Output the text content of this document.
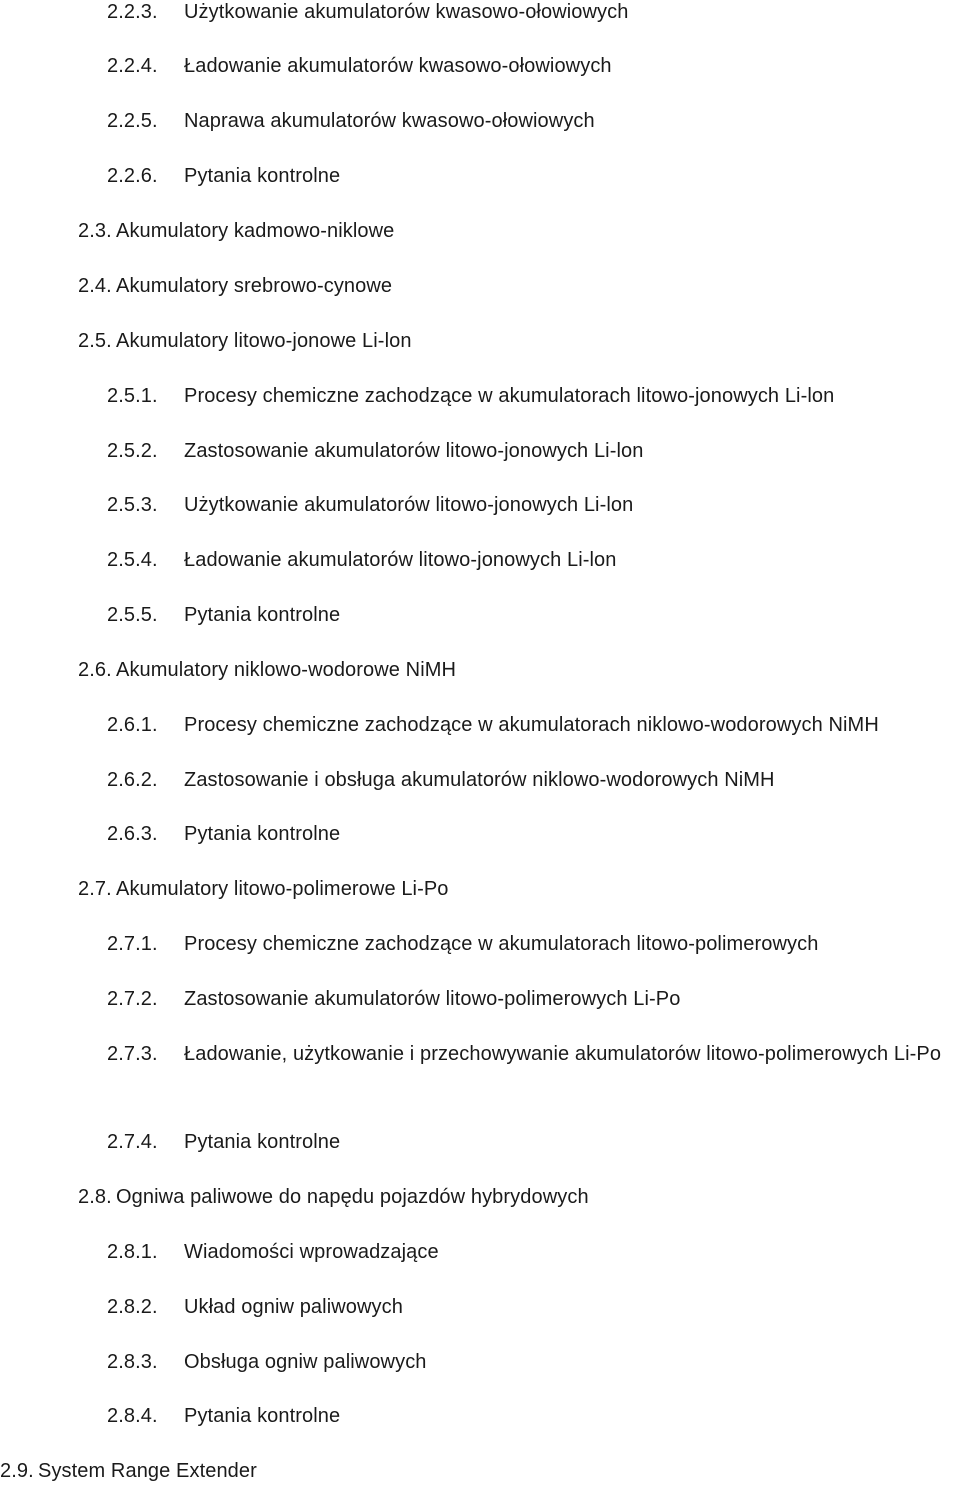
2.2.3.	Użytkowanie akumulatorów kwasowo-ołowiowych
2.2.4.	Ładowanie akumulatorów kwasowo-ołowiowych
2.2.5.	Naprawa akumulatorów kwasowo-ołowiowych
2.2.6.	Pytania kontrolne
2.3. Akumulatory kadmowo-niklowe
2.4. Akumulatory srebrowo-cynowe
2.5. Akumulatory litowo-jonowe Li-lon
2.5.1.	Procesy chemiczne zachodzące w akumulatorach litowo-jonowych Li-lon
2.5.2.	Zastosowanie akumulatorów litowo-jonowych Li-lon
2.5.3.	Użytkowanie akumulatorów litowo-jonowych Li-lon
2.5.4.	Ładowanie akumulatorów litowo-jonowych Li-lon
2.5.5.	Pytania kontrolne
2.6. Akumulatory niklowo-wodorowe NiMH
2.6.1.	Procesy chemiczne zachodzące w akumulatorach niklowo-wodorowych NiMH
2.6.2.	Zastosowanie i obsługa akumulatorów niklowo-wodorowych NiMH
2.6.3.	Pytania kontrolne
2.7. Akumulatory litowo-polimerowe Li-Po
2.7.1.	Procesy chemiczne zachodzące w akumulatorach litowo-polimerowych
2.7.2.	Zastosowanie akumulatorów litowo-polimerowych Li-Po
2.7.3.	Ładowanie, użytkowanie i przechowywanie akumulatorów litowo-polimerowych Li-Po
2.7.4.	Pytania kontrolne
2.8. Ogniwa paliwowe do napędu pojazdów hybrydowych
2.8.1.	Wiadomości wprowadzające
2.8.2.	Układ ogniw paliwowych
2.8.3.	Obsługa ogniw paliwowych
2.8.4.	Pytania kontrolne
2.9. System Range Extender
